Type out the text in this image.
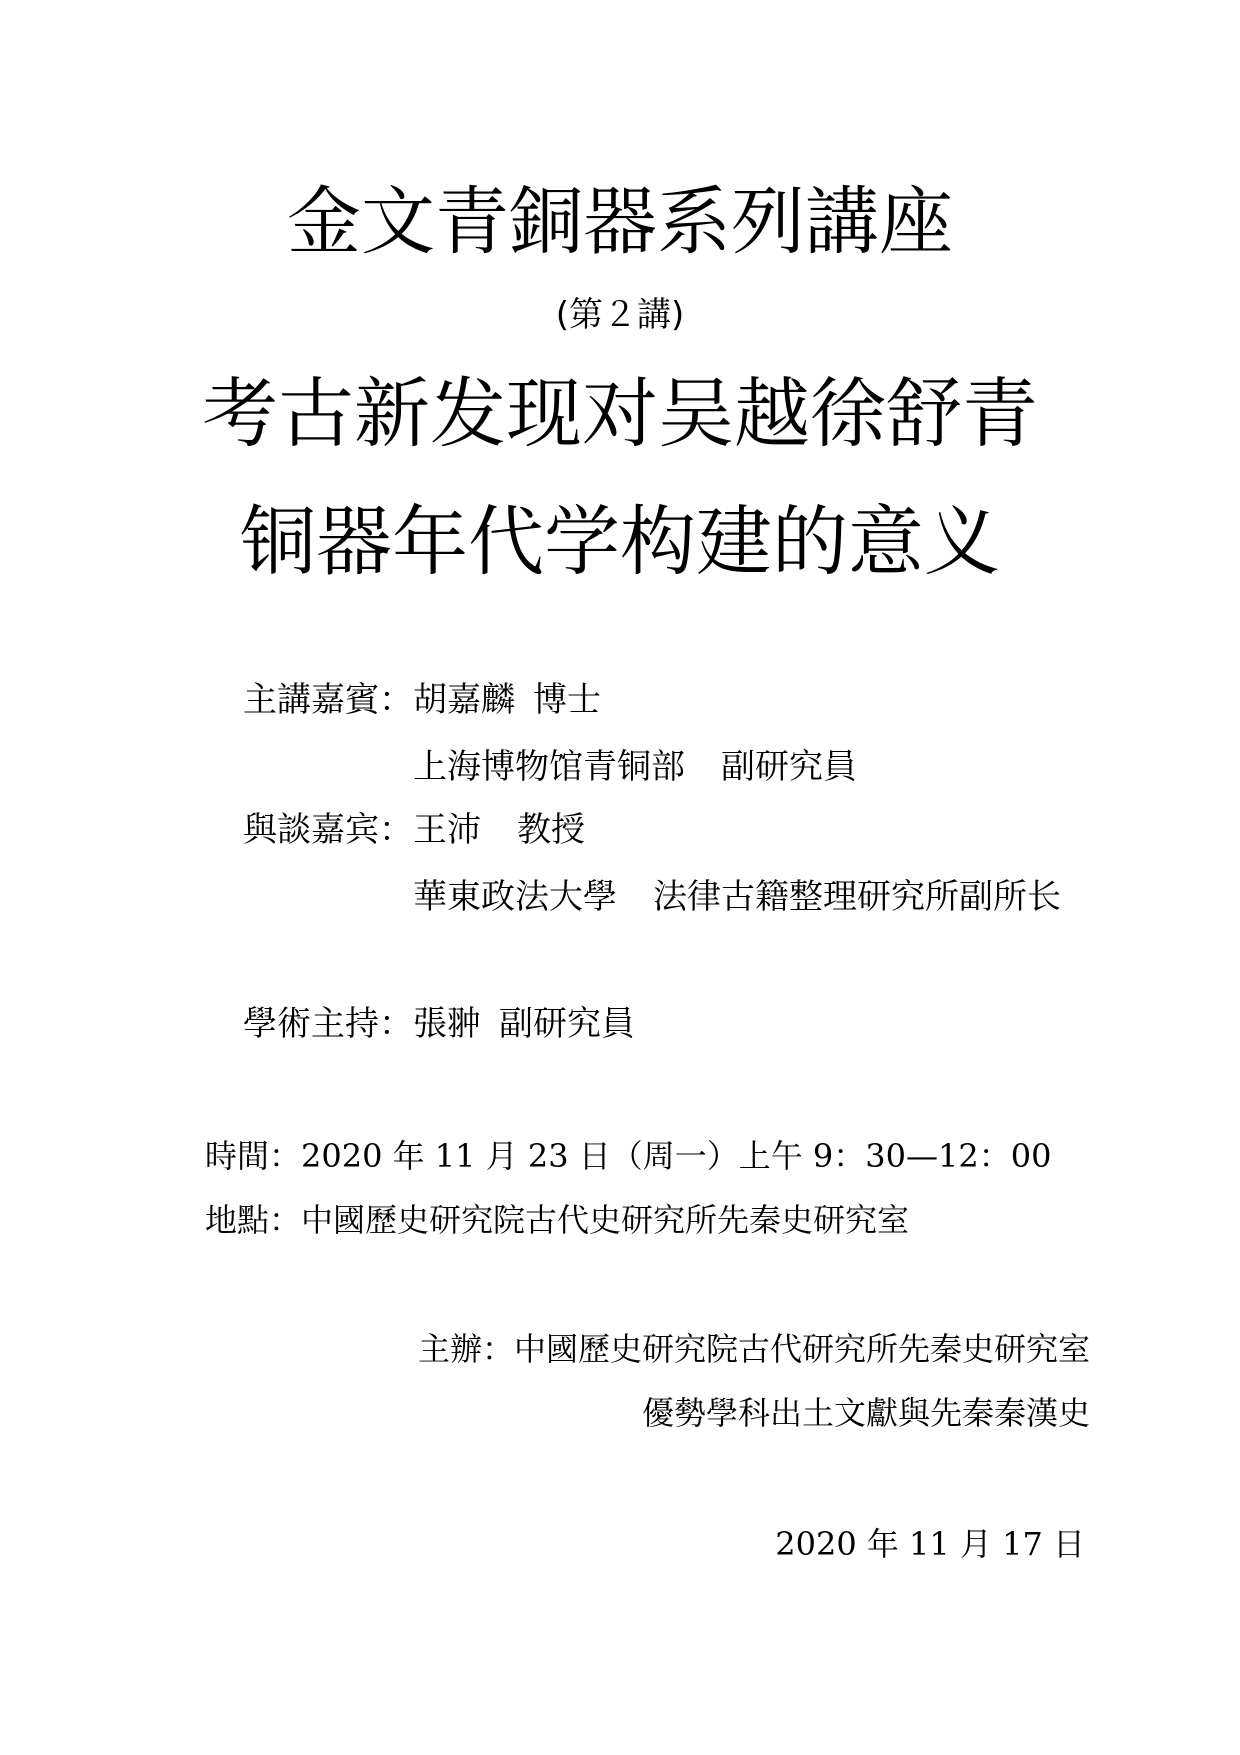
金文青銅器系列講座
(第２講)
考古新发现对吴越徐舒青
铜器年代学构建的意义
主講嘉賓：胡嘉麟 博士
上海博物馆青铜部 副研究員
與談嘉宾：王沛 教授
華東政法大學 法律古籍整理研究所副所长
學術主持：張翀 副研究員
時間：2020 年 11 月 23 日（周一）上午 9：30—12：00
地點：中國歷史研究院古代史研究所先秦史研究室
主辦：中國歷史研究院古代研究所先秦史研究室
優勢學科出土文獻與先秦秦漢史
2020 年 11 月 17 日
